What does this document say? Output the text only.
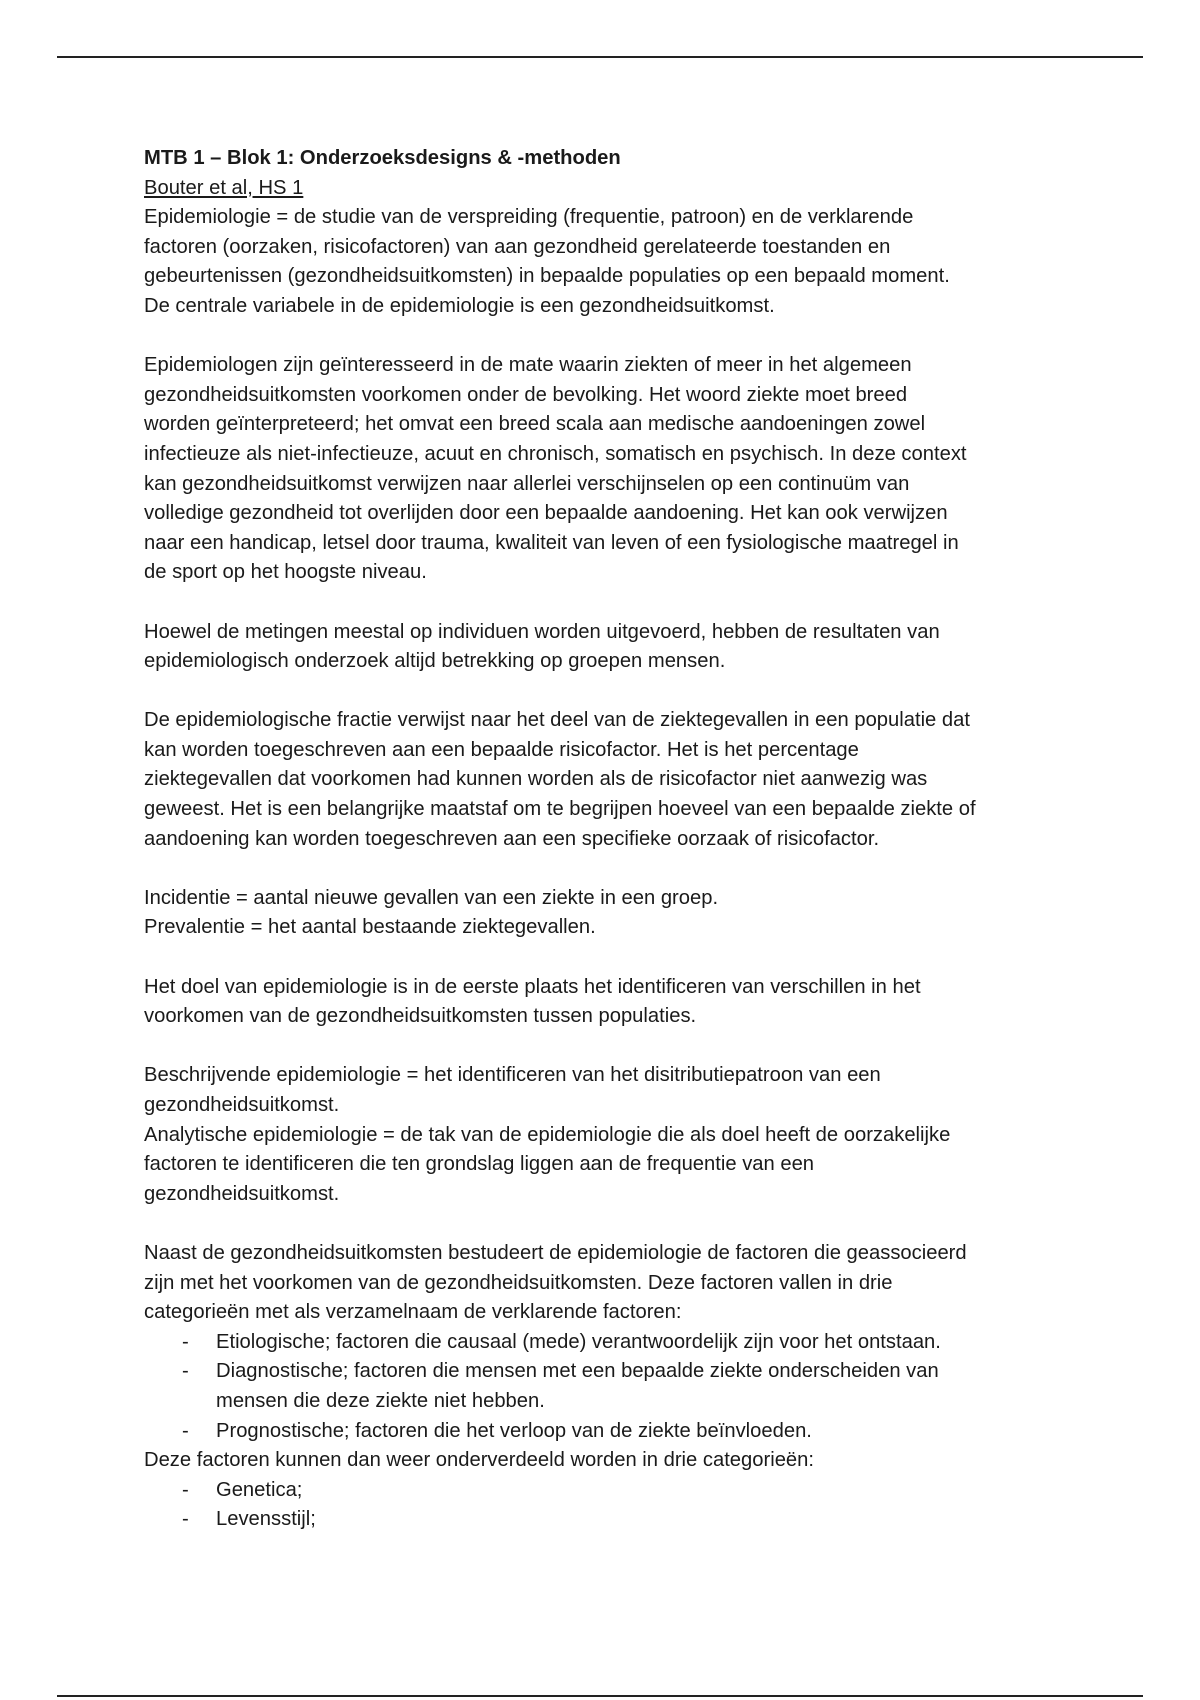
MTB 1 – Blok 1: Onderzoeksdesigns & -methoden
Bouter et al, HS 1
Epidemiologie = de studie van de verspreiding (frequentie, patroon) en de verklarende
factoren (oorzaken, risicofactoren) van aan gezondheid gerelateerde toestanden en
gebeurtenissen (gezondheidsuitkomsten) in bepaalde populaties op een bepaald moment.
De centrale variabele in de epidemiologie is een gezondheidsuitkomst.
Epidemiologen zijn geïnteresseerd in de mate waarin ziekten of meer in het algemeen
gezondheidsuitkomsten voorkomen onder de bevolking. Het woord ziekte moet breed
worden geïnterpreteerd; het omvat een breed scala aan medische aandoeningen zowel
infectieuze als niet-infectieuze, acuut en chronisch, somatisch en psychisch. In deze context
kan gezondheidsuitkomst verwijzen naar allerlei verschijnselen op een continuüm van
volledige gezondheid tot overlijden door een bepaalde aandoening. Het kan ook verwijzen
naar een handicap, letsel door trauma, kwaliteit van leven of een fysiologische maatregel in
de sport op het hoogste niveau.
Hoewel de metingen meestal op individuen worden uitgevoerd, hebben de resultaten van
epidemiologisch onderzoek altijd betrekking op groepen mensen.
De epidemiologische fractie verwijst naar het deel van de ziektegevallen in een populatie dat
kan worden toegeschreven aan een bepaalde risicofactor. Het is het percentage
ziektegevallen dat voorkomen had kunnen worden als de risicofactor niet aanwezig was
geweest. Het is een belangrijke maatstaf om te begrijpen hoeveel van een bepaalde ziekte of
aandoening kan worden toegeschreven aan een specifieke oorzaak of risicofactor.
Incidentie = aantal nieuwe gevallen van een ziekte in een groep.
Prevalentie = het aantal bestaande ziektegevallen.
Het doel van epidemiologie is in de eerste plaats het identificeren van verschillen in het
voorkomen van de gezondheidsuitkomsten tussen populaties.
Beschrijvende epidemiologie = het identificeren van het disitributiepatroon van een
gezondheidsuitkomst.
Analytische epidemiologie = de tak van de epidemiologie die als doel heeft de oorzakelijke
factoren te identificeren die ten grondslag liggen aan de frequentie van een
gezondheidsuitkomst.
Naast de gezondheidsuitkomsten bestudeert de epidemiologie de factoren die geassocieerd
zijn met het voorkomen van de gezondheidsuitkomsten. Deze factoren vallen in drie
categorieën met als verzamelnaam de verklarende factoren:
- Etiologische; factoren die causaal (mede) verantwoordelijk zijn voor het ontstaan.
- Diagnostische; factoren die mensen met een bepaalde ziekte onderscheiden van
mensen die deze ziekte niet hebben.
- Prognostische; factoren die het verloop van de ziekte beïnvloeden.
Deze factoren kunnen dan weer onderverdeeld worden in drie categorieën:
- Genetica;
- Levensstijl;
